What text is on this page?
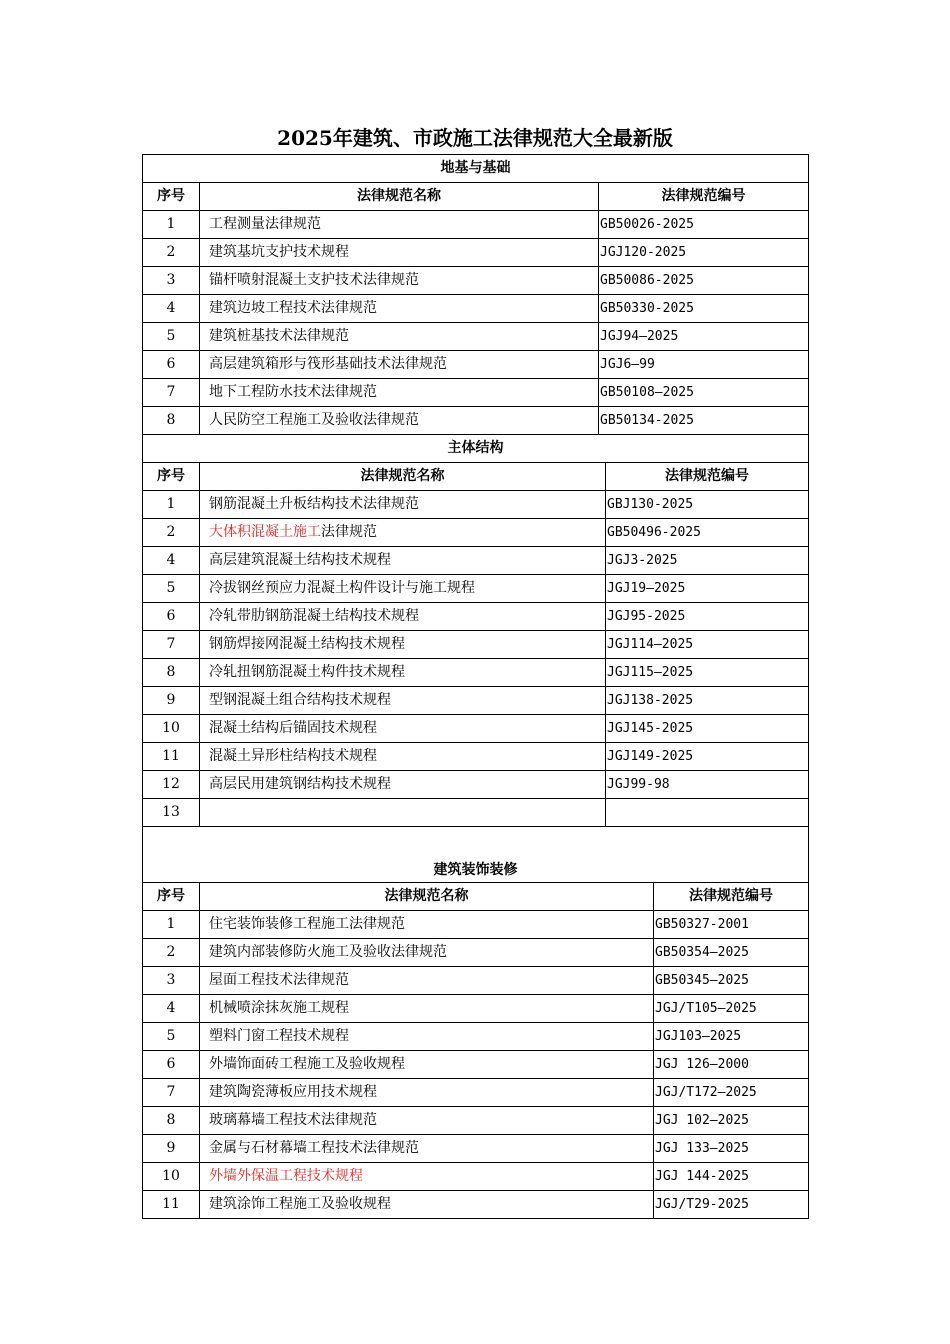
2025年建筑、市政施工法律规范大全最新版
地基与基础		
序号	法律规范名称	法律规范编号
1	工程测量法律规范	GB50026-2025
2	建筑基坑支护技术规程	JGJ120-2025
3	锚杆喷射混凝土支护技术法律规范	GB50086-2025
4	建筑边坡工程技术法律规范	GB50330-2025
5	建筑桩基技术法律规范	JGJ94—2025
6	高层建筑箱形与筏形基础技术法律规范	JGJ6—99
7	地下工程防水技术法律规范	GB50108—2025
8	人民防空工程施工及验收法律规范	GB50134-2025
主体结构		
序号	法律规范名称	法律规范编号
1	钢筋混凝土升板结构技术法律规范	GBJ130-2025
2	大体积混凝土施工法律规范	GB50496-2025
4	高层建筑混凝土结构技术规程	JGJ3-2025
5	冷拔钢丝预应力混凝土构件设计与施工规程	JGJ19—2025
6	冷轧带肋钢筋混凝土结构技术规程	JGJ95-2025
7	钢筋焊接网混凝土结构技术规程	JGJ114—2025
8	冷轧扭钢筋混凝土构件技术规程	JGJ115—2025
9	型钢混凝土组合结构技术规程	JGJ138-2025
10	混凝土结构后锚固技术规程	JGJ145-2025
11	混凝土异形柱结构技术规程	JGJ149-2025
12	高层民用建筑钢结构技术规程	JGJ99-98
13		
建筑装饰装修		
序号	法律规范名称	法律规范编号
1	住宅装饰装修工程施工法律规范	GB50327-2001
2	建筑内部装修防火施工及验收法律规范	GB50354—2025
3	屋面工程技术法律规范	GB50345—2025
4	机械喷涂抹灰施工规程	JGJ/T105—2025
5	塑料门窗工程技术规程	JGJ103—2025
6	外墙饰面砖工程施工及验收规程	JGJ 126—2000
7	建筑陶瓷薄板应用技术规程	JGJ/T172—2025
8	玻璃幕墙工程技术法律规范	JGJ 102—2025
9	金属与石材幕墙工程技术法律规范	JGJ 133—2025
10	外墙外保温工程技术规程	JGJ 144-2025
11	建筑涂饰工程施工及验收规程	JGJ/T29-2025
